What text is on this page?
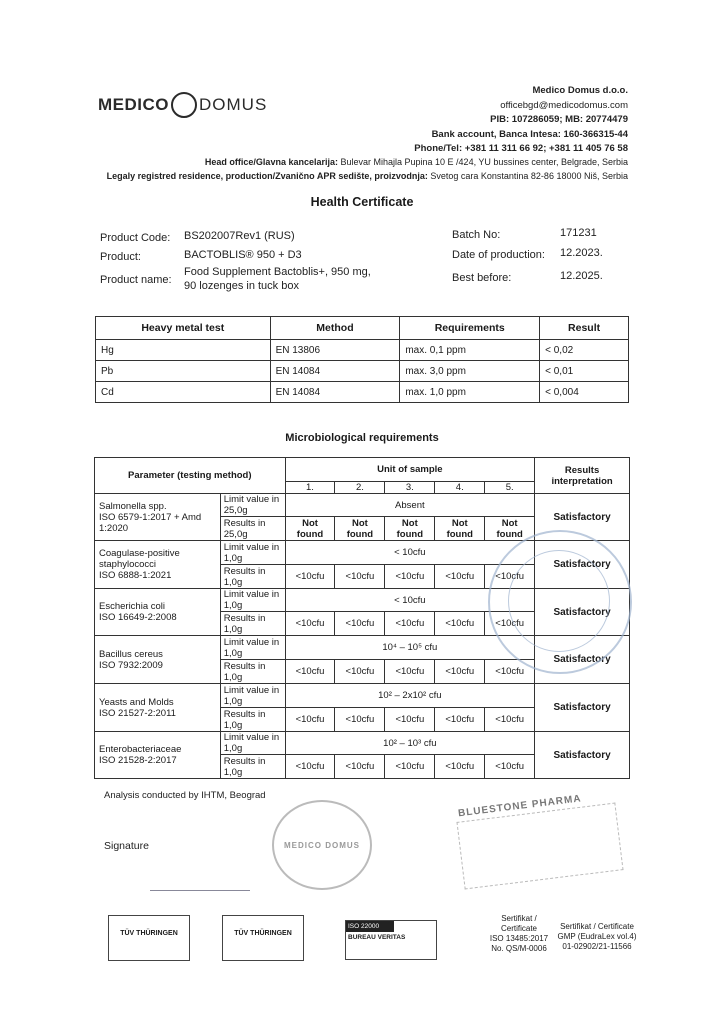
MEDICO DOMUS
Medico Domus d.o.o.
officebgd@medicodomus.com
PIB: 107286059; MB: 20774479
Bank account, Banca Intesa: 160-366315-44
Phone/Tel: +381 11 311 66 92; +381 11 405 76 58
Head office/Glavna kancelarija: Bulevar Mihajla Pupina 10 E /424, YU bussines center, Belgrade, Serbia
Legaly registred residence, production/Zvanično APR sedište, proizvodnja: Svetog cara Konstantina 82-86 18000 Niš, Serbia
Health Certificate
Product Code: BS202007Rev1 (RUS)
Product:	BACTOBLIS® 950 + D3
Product name:
Food Supplement Bactoblis+, 950 mg,
90 lozenges in tuck box
Batch No:	171231
Date of production: 12.2023.
Best before:	12.2025.
Heavy metal test	Method	Requirements	Result
Hg	EN 13806	max. 0,1 ppm	< 0,02
Pb	EN 14084	max. 3,0 ppm	< 0,01
Cd	EN 14084	max. 1,0 ppm	< 0,004
Microbiological requirements
Parameter (testing method)		Unit of sample					Results interpretation
		1.	2.	3.	4.	5.	

Salmonella spp.
ISO 6579-1:2017 + Amd
1:2020	Limit value in 25,0g	Absent					Satisfactory
	Results in 25,0g	Not found	Not found	Not found	Not found	Not found	

Coagulase-positive
staphylococci
ISO 6888-1:2021	Limit value in 1,0g	< 10cfu					Satisfactory
	Results in 1,0g	<10cfu	<10cfu	<10cfu	<10cfu	<10cfu	

Escherichia coli
ISO 16649-2:2008	Limit value in 1,0g	< 10cfu					Satisfactory
	Results in 1,0g	<10cfu	<10cfu	<10cfu	<10cfu	<10cfu	

Bacillus cereus
ISO 7932:2009	Limit value in 1,0g	10⁴ – 10⁵ cfu					Satisfactory
	Results in 1,0g	<10cfu	<10cfu	<10cfu	<10cfu	<10cfu	

Yeasts and Molds
ISO 21527-2:2011	Limit value in 1,0g	10² – 2x10² cfu					Satisfactory
	Results in 1,0g	<10cfu	<10cfu	<10cfu	<10cfu	<10cfu	

Enterobacteriaceae
ISO 21528-2:2017	Limit value in 1,0g	10² – 10³ cfu					Satisfactory
	Results in 1,0g	<10cfu	<10cfu	<10cfu	<10cfu	<10cfu	
Analysis conducted by IHTM, Beograd
Signature	MEDICO DOMUS
BLUESTONE PHARMA
TÜV THÜRINGEN	TÜV THÜRINGEN
ISO 22000
BUREAU VERITAS
Sertifikat /
Certificate
ISO 13485:2017
No. QS/M-0006
Sertifikat / Certificate
GMP (EudraLex vol.4)
01-02902/21-11566
